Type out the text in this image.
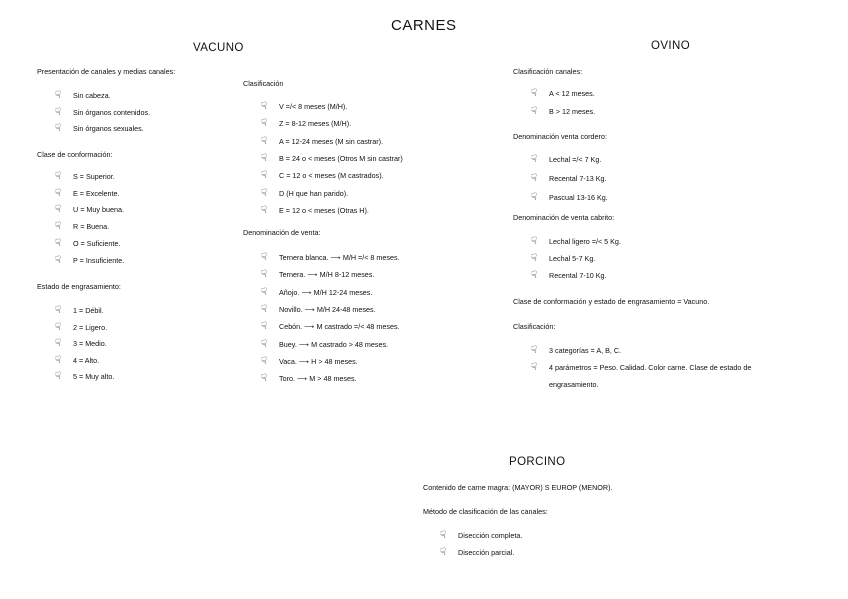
CARNES
VACUNO
Presentación de canales y medias canales:
☟ Sin cabeza.
☟ Sin órganos contenidos.
☟ Sin órganos sexuales.
Clase de conformación:
☟ S = Superior.
☟ E = Excelente.
☟ U = Muy buena.
☟ R = Buena.
☟ O = Suficiente.
☟ P = Insuficiente.
Estado de engrasamiento:
☟ 1 = Débil.
☟ 2 = Ligero.
☟ 3 = Medio.
☟ 4 = Alto.
☟ 5 = Muy alto.
Clasificación
☟ V =/< 8 meses (M/H).
☟ Z = 8-12 meses (M/H).
☟ A = 12-24 meses (M sin castrar).
☟ B = 24 o < meses (Otros M sin castrar)
☟ C = 12 o < meses (M castrados).
☟ D (H que han parido).
☟ E = 12 o < meses (Otras H).
Denominación de venta:
☟ Ternera blanca. ⟶ M/H =/< 8 meses.
☟ Ternera. ⟶ M/H 8-12 meses.
☟ Añojo. ⟶ M/H 12-24 meses.
☟ Novillo. ⟶ M/H 24-48 meses.
☟ Cebón. ⟶ M castrado =/< 48 meses.
☟ Buey. ⟶ M castrado > 48 meses.
☟ Vaca. ⟶ H > 48 meses.
☟ Toro. ⟶ M > 48 meses.
OVINO
Clasificación canales:
☟ A < 12 meses.
☟ B > 12 meses.
Denominación venta cordero:
☟ Lechal =/< 7 Kg.
☟ Recental 7-13 Kg.
☟ Pascual 13-16 Kg.
Denominación de venta cabrito:
☟ Lechal ligero =/< 5 Kg.
☟ Lechal 5-7 Kg.
☟ Recental 7-10 Kg.
Clase de conformación y estado de engrasamiento = Vacuno.
Clasificación:
☟ 3 categorías = A, B, C.
☟ 4 parámetros = Peso. Calidad. Color carne. Clase de estado de
engrasamiento.
PORCINO
Contenido de carne magra: (MAYOR) S EUROP (MENOR).
Método de clasificación de las canales:
☟ Disección completa.
☟ Disección parcial.
